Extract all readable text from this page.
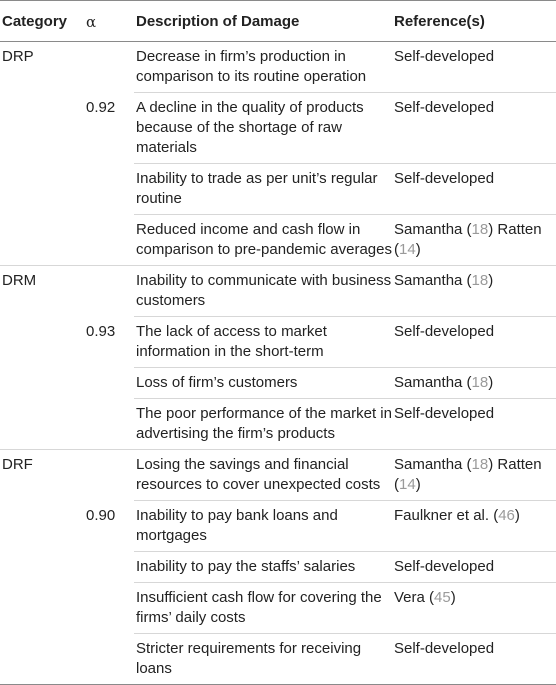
Category	α	Description of Damage	Reference(s)
DRP		Decrease in firm’s production in comparison to its routine operation	Self-developed
	0.92	A decline in the quality of products because of the shortage of raw materials	Self-developed
		Inability to trade as per unit’s regular routine	Self-developed
		Reduced income and cash flow in comparison to pre-pandemic averages	Samantha (18) Ratten (14)
DRM		Inability to communicate with business customers	Samantha (18)
	0.93	The lack of access to market information in the short-term	Self-developed
		Loss of firm’s customers	Samantha (18)
		The poor performance of the market in advertising the firm’s products	Self-developed
DRF		Losing the savings and financial resources to cover unexpected costs	Samantha (18) Ratten (14)
	0.90	Inability to pay bank loans and mortgages	Faulkner et al. (46)
		Inability to pay the staffs’ salaries	Self-developed
		Insufficient cash flow for covering the firms’ daily costs	Vera (45)
		Stricter requirements for receiving loans	Self-developed
